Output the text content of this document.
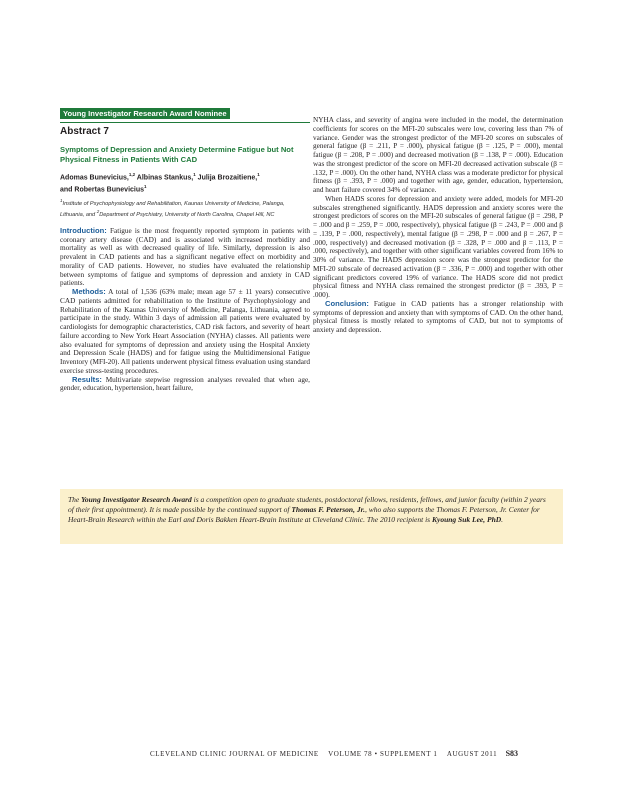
Young Investigator Research Award Nominee
Abstract 7
Symptoms of Depression and Anxiety Determine Fatigue but Not Physical Fitness in Patients With CAD
Adomas Bunevicius,$^{1,2}$ Albinas Stankus,$^1$ Julija Brozaitiene,$^1$
and Robertas Bunevicius$^1$
$^1$Institute of Psychophysiology and Rehabilitation, Kaunas University of Medicine, Palanga, Lithuania, and $^2$Department of Psychiatry, University of North Carolina, Chapel Hill, NC

Introduction: Fatigue is the most frequently reported symptom in patients with coronary artery disease (CAD) and is associated with increased morbidity and mortality as well as with decreased quality of life. Similarly, depression is also prevalent in CAD patients and has a significant negative effect on morbidity and morality of CAD patients. However, no studies have evaluated the relationship between symptoms of fatigue and symptoms of depression and anxiety in CAD patients.

Methods: A total of 1,536 (63% male; mean age 57 ± 11 years) consecutive CAD patients admitted for rehabilitation to the Institute of Psychophysiology and Rehabilitation of the Kaunas University of Medicine, Palanga, Lithuania, agreed to participate in the study. Within 3 days of admission all patients were evaluated by cardiologists for demographic characteristics, CAD risk factors, and severity of heart failure according to New York Heart Association (NYHA) classes. All patients were also evaluated for symptoms of depression and anxiety using the Hospital Anxiety and Depression Scale (HADS) and for fatigue using the Multidimensional Fatigue Inventory (MFI-20). All patients underwent physical fitness evaluation using standard exercise stress-testing procedures.

Results: Multivariate stepwise regression analyses revealed that when age, gender, education, hypertension, heart failure,

NYHA class, and severity of angina were included in the model, the determination coefficients for scores on the MFI-20 subscales were low, covering less than 7% of variance. Gender was the strongest predictor of the MFI-20 scores on subscales of general fatigue (β = .211, P = .000), physical fatigue (β = .125, P = .000), mental fatigue (β = .208, P = .000) and decreased motivation (β = .138, P = .000). Education was the strongest predictor of the score on MFI-20 decreased activation subscale (β = .132, P = .000). On the other hand, NYHA class was a moderate predictor for physical fitness (β = .393, P = .000) and together with age, gender, education, hypertension, and heart failure covered 34% of variance.

When HADS scores for depression and anxiety were added, models for MFI-20 subscales strengthened significantly. HADS depression and anxiety scores were the strongest predictors of scores on the MFI-20 subscales of general fatigue (β = .298, P = .000 and β = .259, P = .000, respectively), physical fatigue (β = .243, P = .000 and β = .139, P = .000, respectively), mental fatigue (β = .298, P = .000 and β = .267, P = .000, respectively) and decreased motivation (β = .328, P = .000 and β = .113, P = .000, respectively), and together with other significant variables covered from 16% to 30% of variance. The HADS depression score was the strongest predictor for the MFI-20 subscale of decreased activation (β = .336, P = .000) and together with other significant predictors covered 19% of variance. The HADS score did not predict physical fitness and NYHA class remained the strongest predictor (β = .393, P = .000).

Conclusion: Fatigue in CAD patients has a stronger relationship with symptoms of depression and anxiety than with symptoms of CAD. On the other hand, physical fitness is mostly related to symptoms of CAD, but not to symptoms of anxiety and depression.

The Young Investigator Research Award is a competition open to graduate students, postdoctoral fellows, residents, fellows, and junior faculty (within 2 years of their first appointment). It is made possible by the continued support of Thomas F. Peterson, Jr., who also supports the Thomas F. Peterson, Jr. Center for Heart-Brain Research within the Earl and Doris Bakken Heart-Brain Institute at Cleveland Clinic. The 2010 recipient is Kyoung Suk Lee, PhD.

CLEVELAND CLINIC JOURNAL OF MEDICINE VOLUME 78 • SUPPLEMENT 1 AUGUST 2011 S83
